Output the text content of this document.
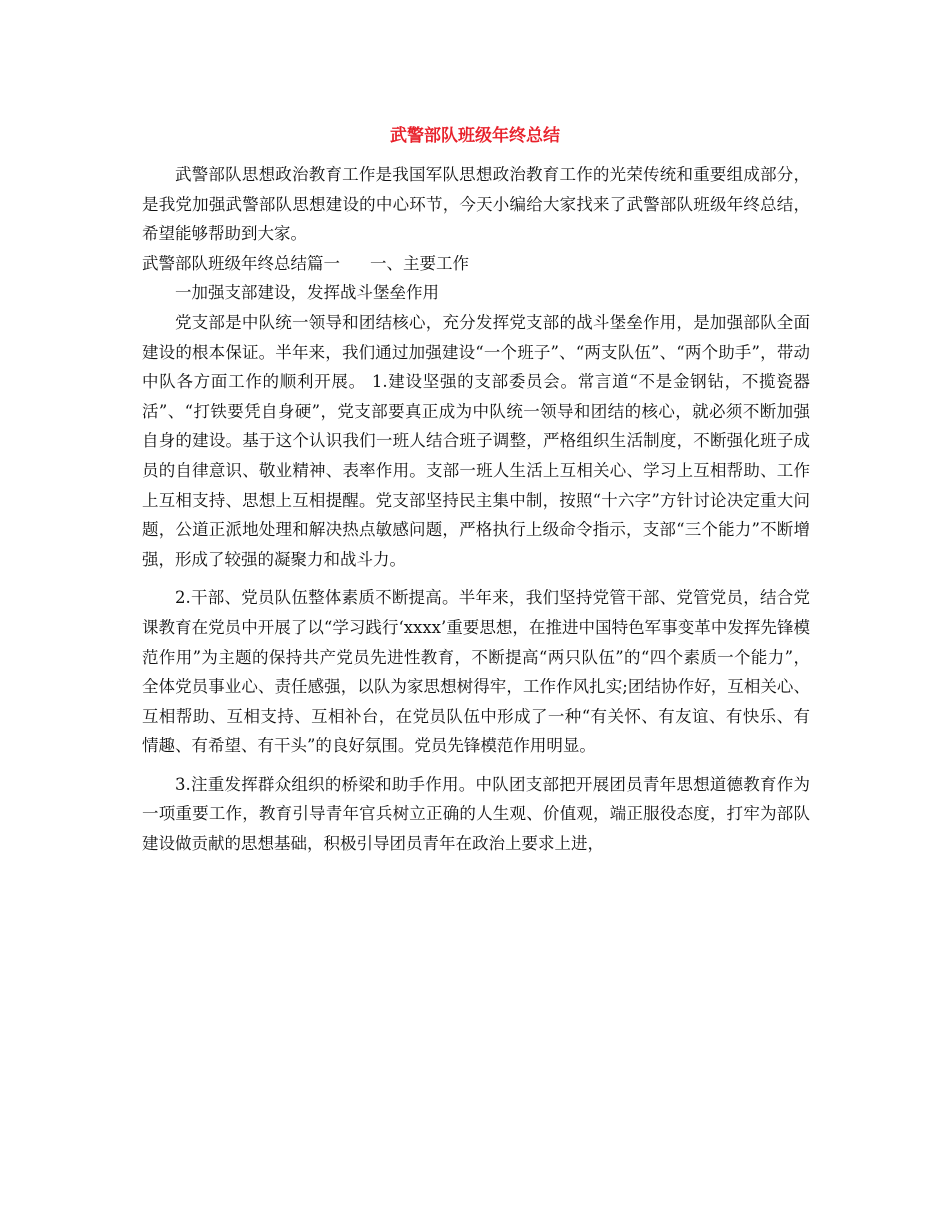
武警部队班级年终总结

武警部队思想政治教育工作是我国军队思想政治教育工作的光荣传统和重要组成部分，是我党加强武警部队思想建设的中心环节，今天小编给大家找来了武警部队班级年终总结，希望能够帮助到大家。

武警部队班级年终总结篇一 一、主要工作

一加强支部建设，发挥战斗堡垒作用

党支部是中队统一领导和团结核心，充分发挥党支部的战斗堡垒作用，是加强部队全面建设的根本保证。半年来，我们通过加强建设“一个班子”、“两支队伍”、“两个助手”，带动中队各方面工作的顺利开展。 1.建设坚强的支部委员会。常言道“不是金钢钻，不揽瓷器活”、“打铁要凭自身硬”，党支部要真正成为中队统一领导和团结的核心，就必须不断加强自身的建设。基于这个认识我们一班人结合班子调整，严格组织生活制度，不断强化班子成员的自律意识、敬业精神、表率作用。支部一班人生活上互相关心、学习上互相帮助、工作上互相支持、思想上互相提醒。党支部坚持民主集中制，按照“十六字”方针讨论决定重大问题，公道正派地处理和解决热点敏感问题，严格执行上级命令指示，支部“三个能力”不断增强，形成了较强的凝聚力和战斗力。

2.干部、党员队伍整体素质不断提高。半年来，我们坚持党管干部、党管党员，结合党课教育在党员中开展了以“学习践行‘xxxx’重要思想，在推进中国特色军事变革中发挥先锋模范作用”为主题的保持共产党员先进性教育，不断提高“两只队伍”的“四个素质一个能力”，全体党员事业心、责任感强，以队为家思想树得牢，工作作风扎实;团结协作好，互相关心、互相帮助、互相支持、互相补台，在党员队伍中形成了一种“有关怀、有友谊、有快乐、有情趣、有希望、有干头”的良好氛围。党员先锋模范作用明显。

3.注重发挥群众组织的桥梁和助手作用。中队团支部把开展团员青年思想道德教育作为一项重要工作，教育引导青年官兵树立正确的人生观、价值观，端正服役态度，打牢为部队建设做贡献的思想基础，积极引导团员青年在政治上要求上进，
